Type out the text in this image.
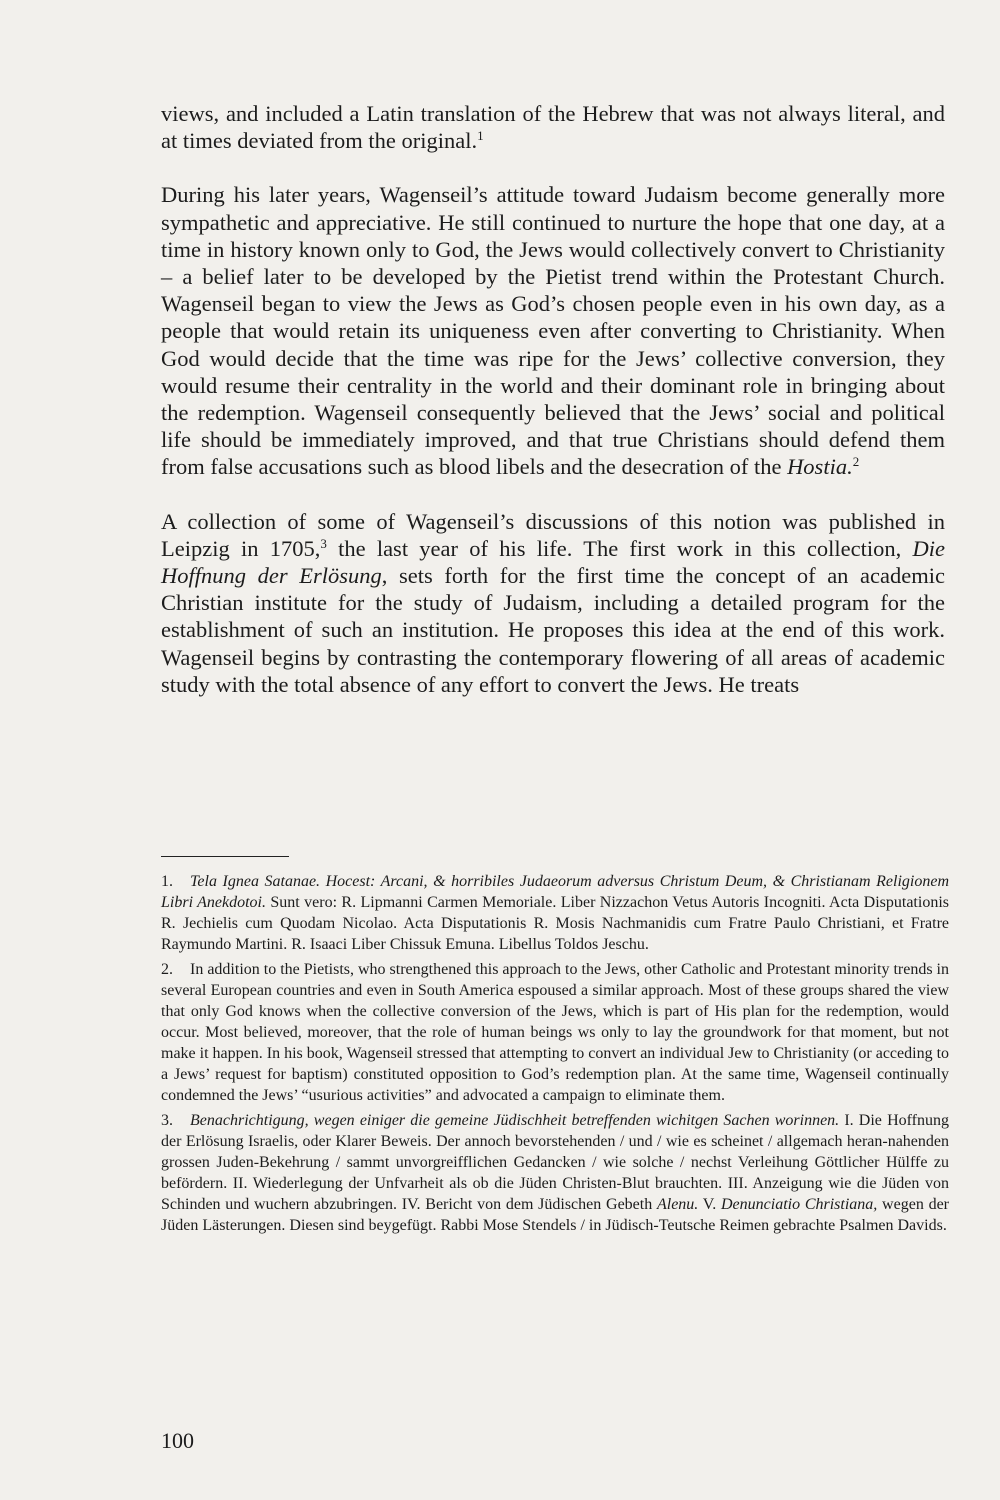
views, and included a Latin translation of the Hebrew that was not always literal, and at times deviated from the original.$^1$

During his later years, Wagenseil’s attitude toward Judaism become generally more sympathetic and appreciative. He still continued to nurture the hope that one day, at a time in history known only to God, the Jews would collectively convert to Christianity – a belief later to be developed by the Pietist trend within the Protestant Church. Wagenseil began to view the Jews as God’s chosen people even in his own day, as a people that would retain its uniqueness even after converting to Christianity. When God would decide that the time was ripe for the Jews’ collective conversion, they would resume their centrality in the world and their dominant role in bringing about the redemption. Wagenseil consequently believed that the Jews’ social and political life should be immediately improved, and that true Christians should defend them from false accusations such as blood libels and the desecration of the Hostia.$^2$

A collection of some of Wagenseil’s discussions of this notion was published in Leipzig in 1705,$^3$ the last year of his life. The first work in this collection, Die Hoffnung der Erlösung, sets forth for the first time the concept of an academic Christian institute for the study of Judaism, including a detailed program for the establishment of such an institution. He proposes this idea at the end of this work. Wagenseil begins by contrasting the contemporary flowering of all areas of academic study with the total absence of any effort to convert the Jews. He treats

1. Tela Ignea Satanae. Hocest: Arcani, & horribiles Judaeorum adversus Christum Deum, & Christianam Religionem Libri Anekdotoi. Sunt vero: R. Lipmanni Carmen Memoriale. Liber Nizzachon Vetus Autoris Incogniti. Acta Disputationis R. Jechielis cum Quodam Nicolao. Acta Disputationis R. Mosis Nachmanidis cum Fratre Paulo Christiani, et Fratre Raymundo Martini. R. Isaaci Liber Chissuk Emuna. Libellus Toldos Jeschu.

2. In addition to the Pietists, who strengthened this approach to the Jews, other Catholic and Protestant minority trends in several European countries and even in South America espoused a similar approach. Most of these groups shared the view that only God knows when the collective conversion of the Jews, which is part of His plan for the redemption, would occur. Most believed, moreover, that the role of human beings ws only to lay the groundwork for that moment, but not make it happen. In his book, Wagenseil stressed that attempting to convert an individual Jew to Christianity (or acceding to a Jews’ request for baptism) constituted opposition to God’s redemption plan. At the same time, Wagenseil continually condemned the Jews’ “usurious activities” and advocated a campaign to eliminate them.

3. Benachrichtigung, wegen einiger die gemeine Jüdischheit betreffenden wichitgen Sachen worinnen. I. Die Hoffnung der Erlösung Israelis, oder Klarer Beweis. Der annoch bevorstehenden / und / wie es scheinet / allgemach heran-nahenden grossen Juden-Bekehrung / sammt unvorgreifflichen Gedancken / wie solche / nechst Verleihung Göttlicher Hülffe zu befördern. II. Wiederlegung der Unfvarheit als ob die Jüden Christen-Blut brauchten. III. Anzeigung wie die Jüden von Schinden und wuchern abzubringen. IV. Bericht von dem Jüdischen Gebeth Alenu. V. Denunciatio Christiana, wegen der Jüden Lästerungen. Diesen sind beygefügt. Rabbi Mose Stendels / in Jüdisch-Teutsche Reimen gebrachte Psalmen Davids.

100
